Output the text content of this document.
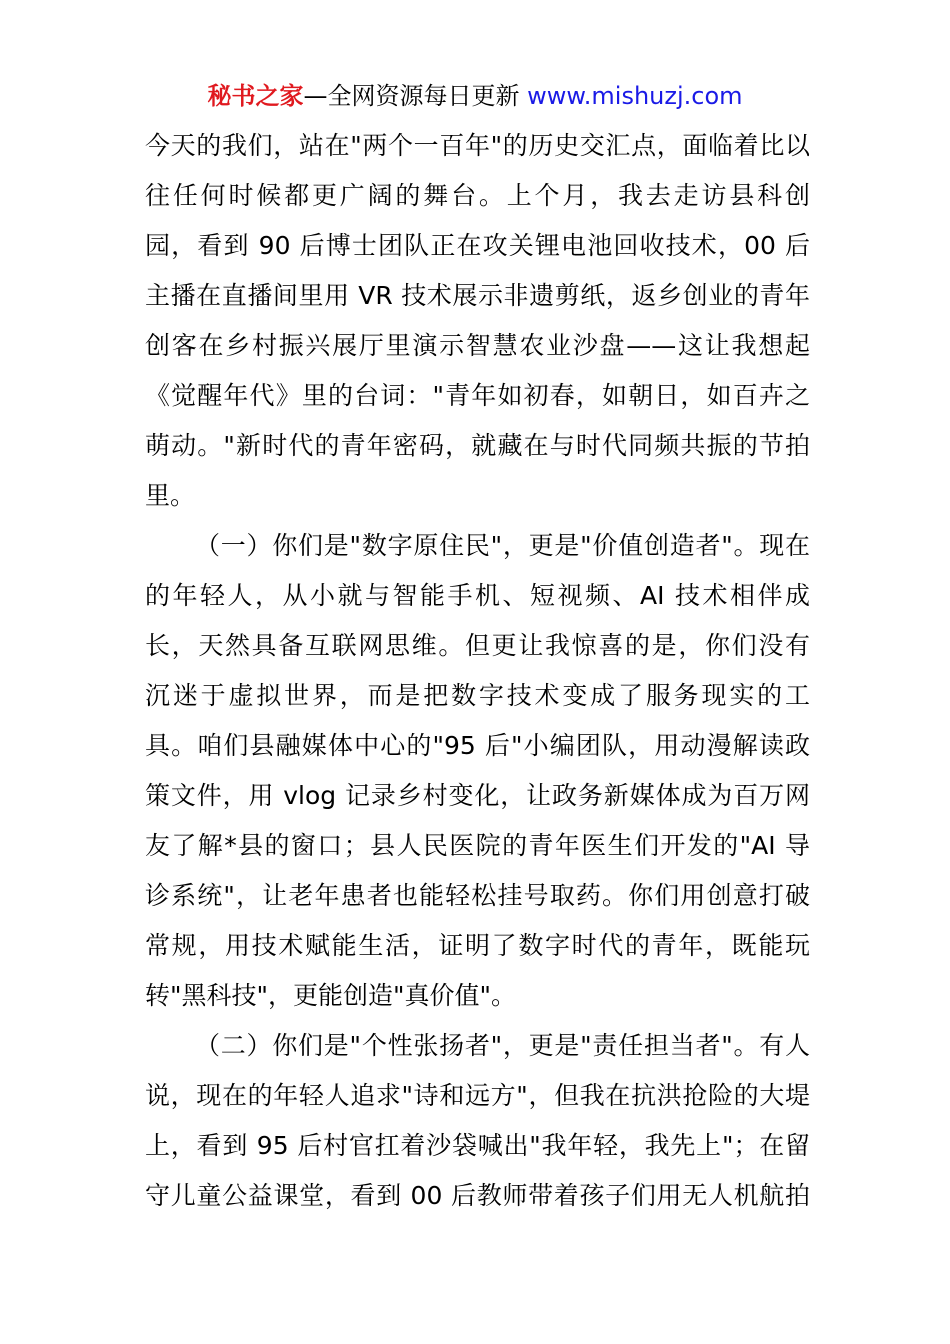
秘书之家—全网资源每日更新 www.mishuzj.com
今天的我们，站在"两个一百年"的历史交汇点，面临着比以
往任何时候都更广阔的舞台。上个月，我去走访县科创
园，看到 90 后博士团队正在攻关锂电池回收技术，00 后
主播在直播间里用 VR 技术展示非遗剪纸，返乡创业的青年
创客在乡村振兴展厅里演示智慧农业沙盘——这让我想起
《觉醒年代》里的台词："青年如初春，如朝日，如百卉之
萌动。"新时代的青年密码，就藏在与时代同频共振的节拍
里。
（一）你们是"数字原住民"，更是"价值创造者"。现在
的年轻人，从小就与智能手机、短视频、AI 技术相伴成
长，天然具备互联网思维。但更让我惊喜的是，你们没有
沉迷于虚拟世界，而是把数字技术变成了服务现实的工
具。咱们县融媒体中心的"95 后"小编团队，用动漫解读政
策文件，用 vlog 记录乡村变化，让政务新媒体成为百万网
友了解*县的窗口；县人民医院的青年医生们开发的"AI 导
诊系统"，让老年患者也能轻松挂号取药。你们用创意打破
常规，用技术赋能生活，证明了数字时代的青年，既能玩
转"黑科技"，更能创造"真价值"。
（二）你们是"个性张扬者"，更是"责任担当者"。有人
说，现在的年轻人追求"诗和远方"，但我在抗洪抢险的大堤
上，看到 95 后村官扛着沙袋喊出"我年轻，我先上"；在留
守儿童公益课堂，看到 00 后教师带着孩子们用无人机航拍
